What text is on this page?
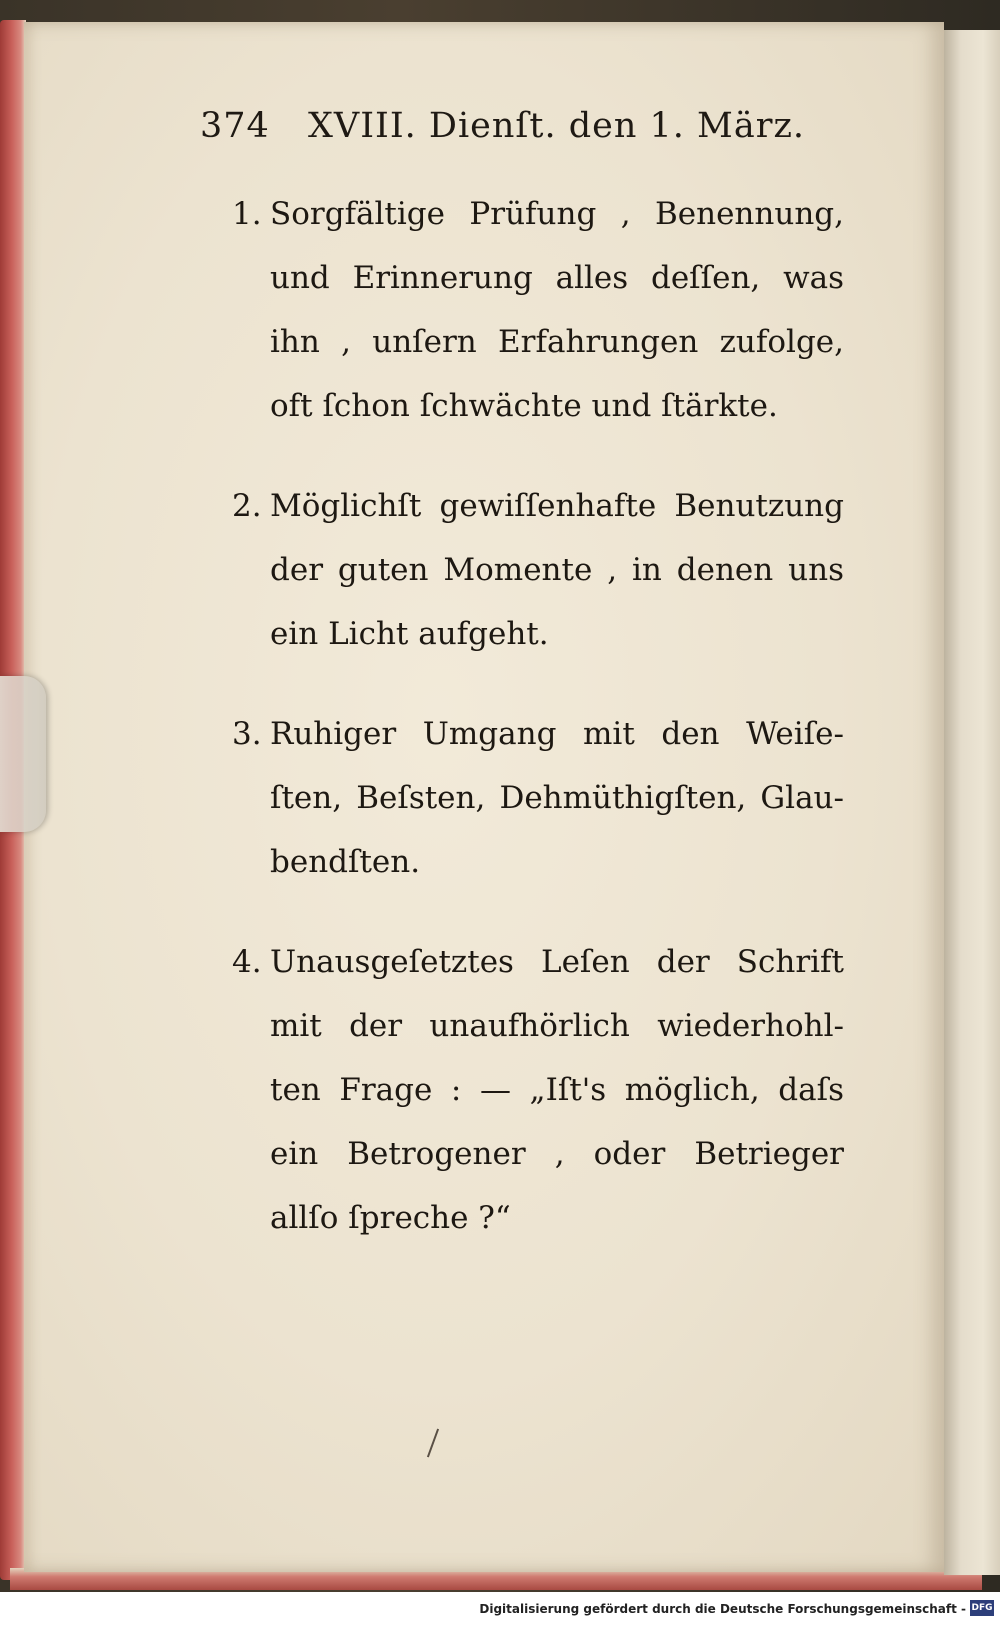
374 XVIII. Dienſt. den 1. März.
1. Sorgfältige Prüfung , Benennung,
und Erinnerung alles deſſen, was
ihn , unſern Erfahrungen zufolge,
oft ſchon ſchwächte und ſtärkte.
2. Möglichſt gewiſſenhafte Benutzung
der guten Momente , in denen uns
ein Licht aufgeht.
3. Ruhiger Umgang mit den Weiſe-
ſten, Beſsten, Dehmüthigſten, Glau-
bendſten.
4. Unausgeſetztes Leſen der Schrift
mit der unaufhörlich wiederhohl-
ten Frage : — „Iſt's möglich, daſs
ein Betrogener , oder Betrieger
allſo ſpreche ?“
Digitalisierung gefördert durch die Deutsche Forschungsgemeinschaft - DFG
